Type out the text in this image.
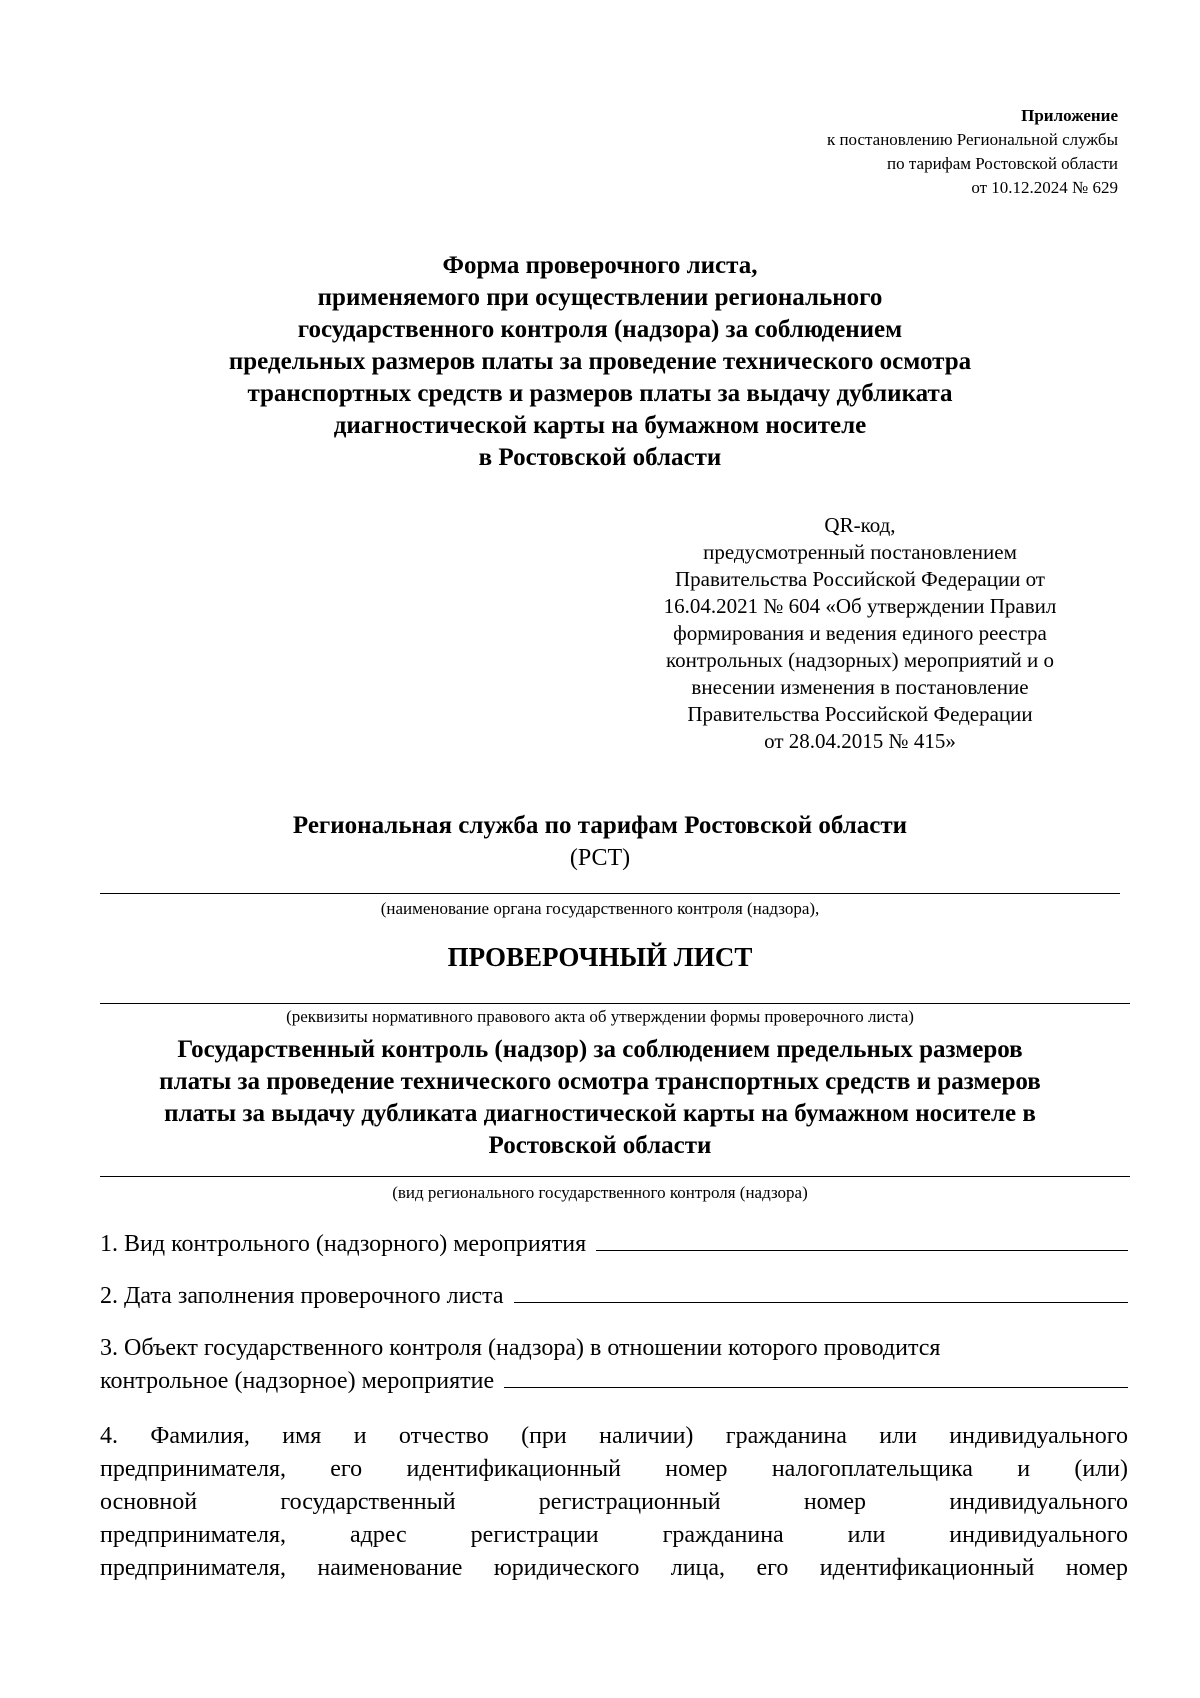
Приложение
к постановлению Региональной службы
по тарифам Ростовской области
от 10.12.2024 № 629
Форма проверочного листа,
применяемого при осуществлении регионального
государственного контроля (надзора) за соблюдением
предельных размеров платы за проведение технического осмотра
транспортных средств и размеров платы за выдачу дубликата
диагностической карты на бумажном носителе
в Ростовской области
QR-код,
предусмотренный постановлением
Правительства Российской Федерации от
16.04.2021 № 604 «Об утверждении Правил
формирования и ведения единого реестра
контрольных (надзорных) мероприятий и о
внесении изменения в постановление
Правительства Российской Федерации
от 28.04.2015 № 415»
Региональная служба по тарифам Ростовской области
(РСТ)
(наименование органа государственного контроля (надзора),
ПРОВЕРОЧНЫЙ ЛИСТ
(реквизиты нормативного правового акта об утверждении формы проверочного листа)
Государственный контроль (надзор) за соблюдением предельных размеров
платы за проведение технического осмотра транспортных средств и размеров
платы за выдачу дубликата диагностической карты на бумажном носителе в
Ростовской области
(вид регионального государственного контроля (надзора)
1. Вид контрольного (надзорного) мероприятия
2. Дата заполнения проверочного листа
3. Объект государственного контроля (надзора) в отношении которого проводится
контрольное (надзорное) мероприятие
4. Фамилия, имя и отчество (при наличии) гражданина или индивидуального
предпринимателя, его идентификационный номер налогоплательщика и (или)
основной государственный регистрационный номер индивидуального
предпринимателя, адрес регистрации гражданина или индивидуального
предпринимателя, наименование юридического лица, его идентификационный номер
